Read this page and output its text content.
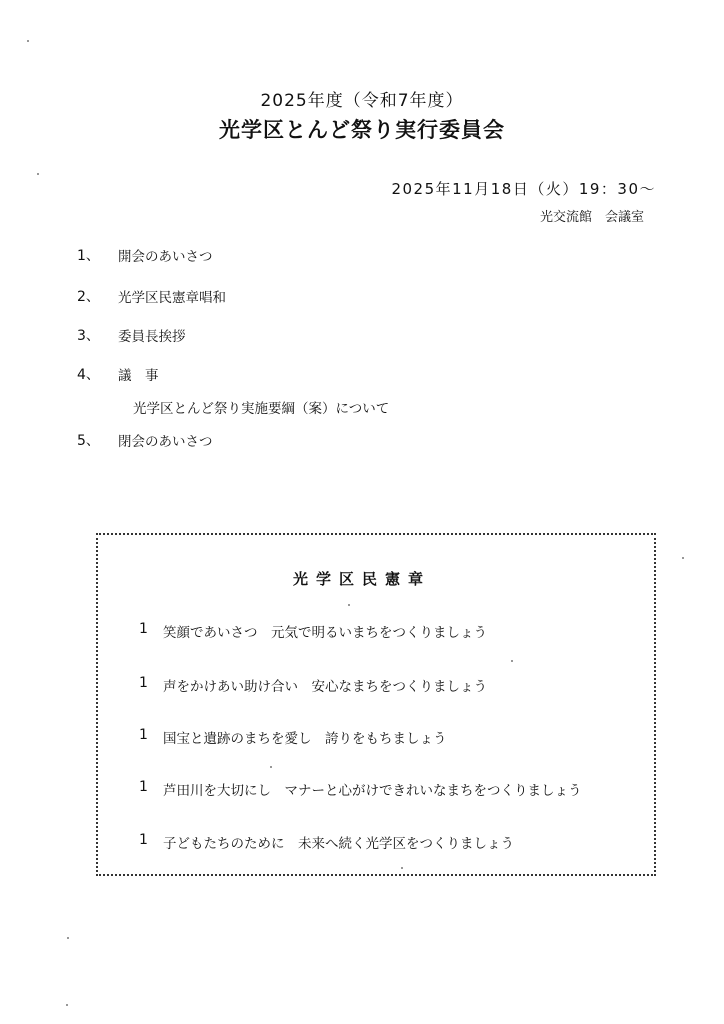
2025年度（令和7年度）
光学区とんど祭り実行委員会
2025年11月18日（火）19：30～
光交流館　会議室
1、 開会のあいさつ
2、 光学区民憲章唱和
3、 委員長挨拶
4、 議　事
光学区とんど祭り実施要綱（案）について
5、 閉会のあいさつ
光学区民憲章
1 笑顔であいさつ　元気で明るいまちをつくりましょう
1 声をかけあい助け合い　安心なまちをつくりましょう
1 国宝と遺跡のまちを愛し　誇りをもちましょう
1 芦田川を大切にし　マナーと心がけできれいなまちをつくりましょう
1 子どもたちのために　未来へ続く光学区をつくりましょう
